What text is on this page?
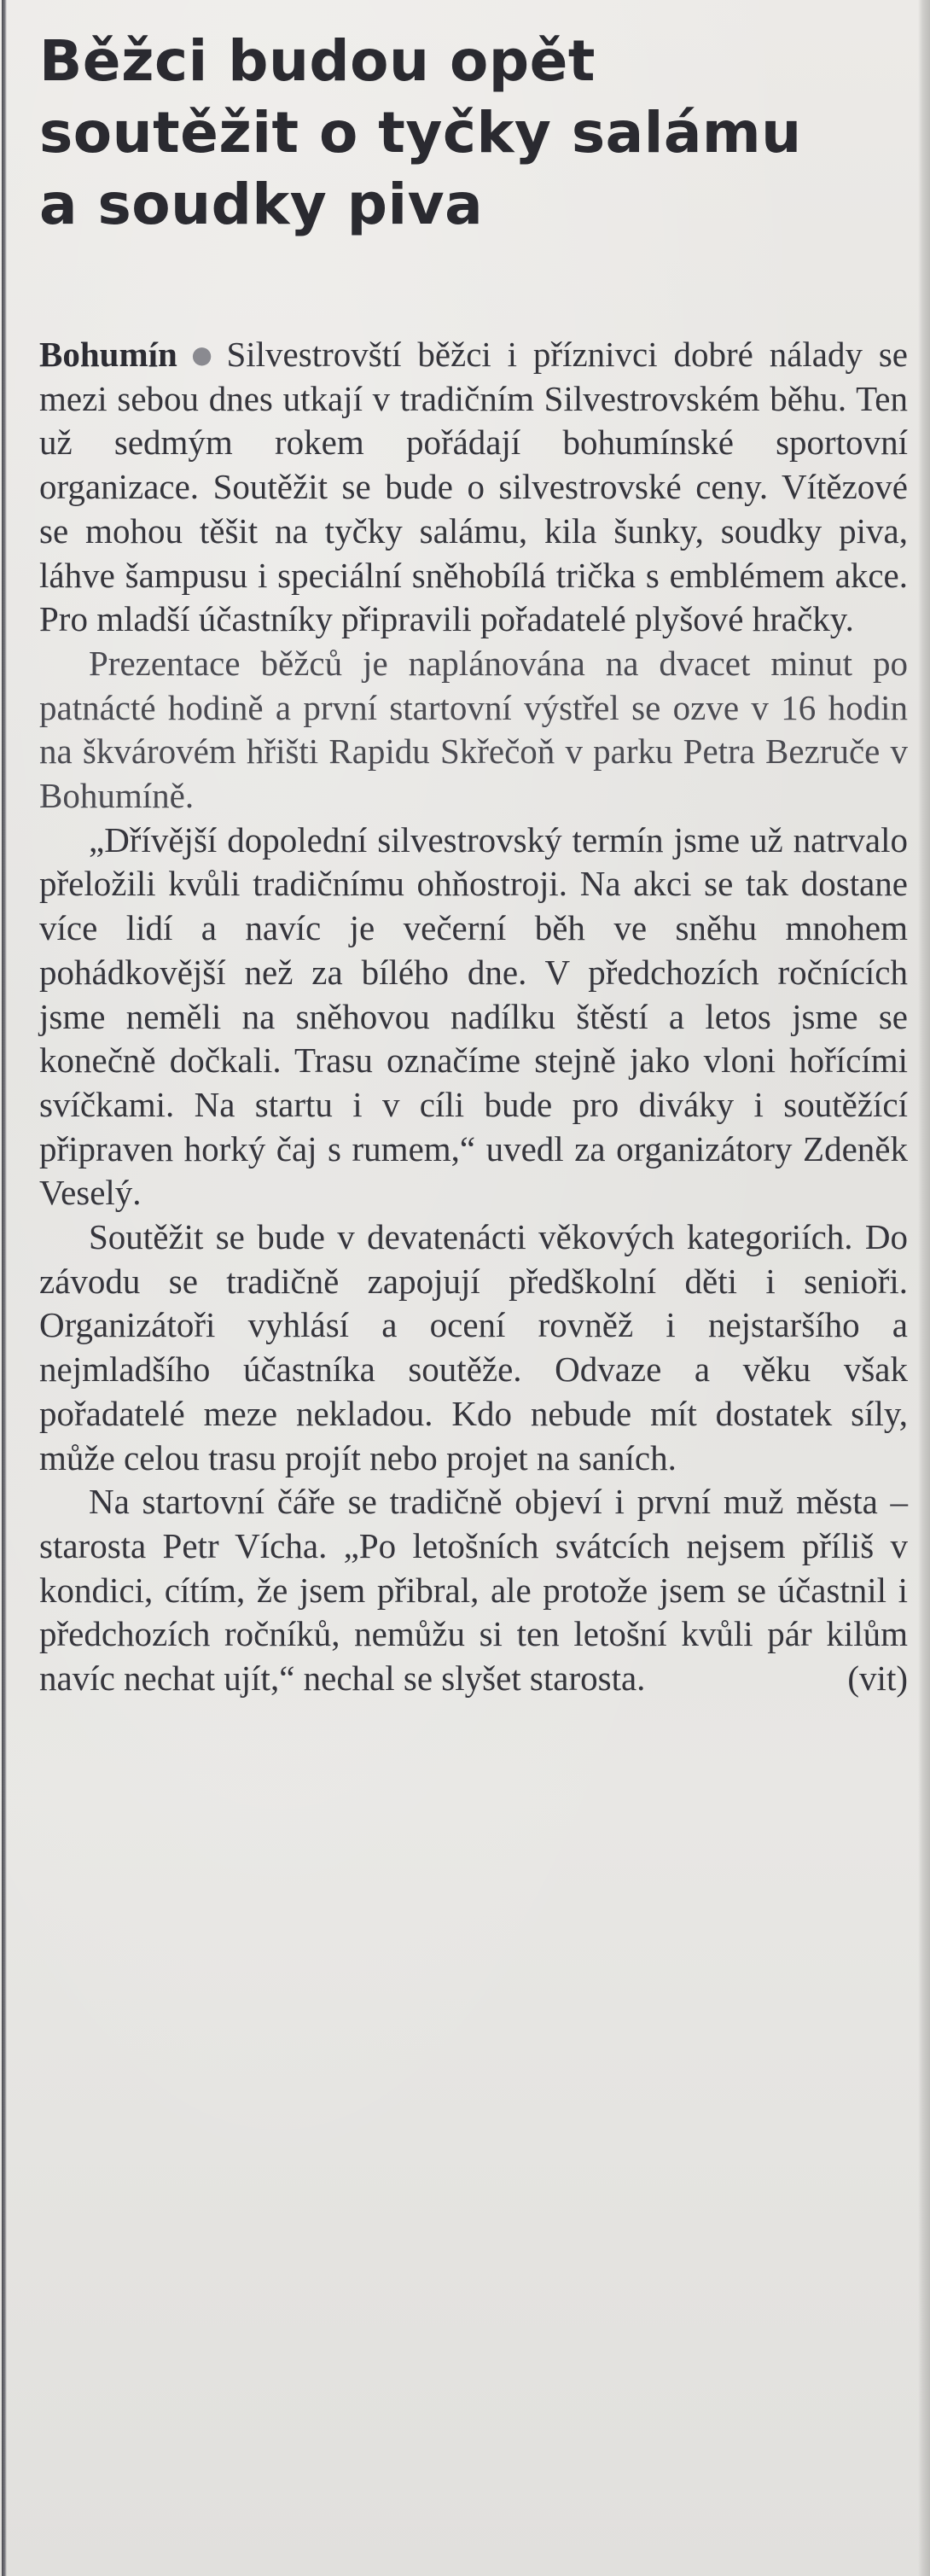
Běžci budou opět
soutěžit o tyčky salámu
a soudky piva

Bohumín ● Silvestrovští běžci i příznivci dobré nálady se mezi sebou dnes utkají v tradičním Silvestrovském běhu. Ten už sedmým rokem pořádají bohumínské sportovní organizace. Soutěžit se bude o silvestrovské ceny. Vítězové se mohou těšit na tyčky salámu, kila šunky, soudky piva, láhve šampusu i speciální sněhobílá trička s emblémem akce. Pro mladší účastníky připravili pořadatelé plyšové hračky.

Prezentace běžců je naplánována na dvacet minut po patnácté hodině a první startovní výstřel se ozve v 16 hodin na škvárovém hřišti Rapidu Skřečoň v parku Petra Bezruče v Bohumíně.

„Dřívější dopolední silvestrovský termín jsme už natrvalo přeložili kvůli tradičnímu ohňostroji. Na akci se tak dostane více lidí a navíc je večerní běh ve sněhu mnohem pohádkovější než za bílého dne. V předchozích ročnících jsme neměli na sněhovou nadílku štěstí a letos jsme se konečně dočkali. Trasu označíme stejně jako vloni hořícími svíčkami. Na startu i v cíli bude pro diváky i soutěžící připraven horký čaj s rumem,“ uvedl za organizátory Zdeněk Veselý.

Soutěžit se bude v devatenácti věkových kategoriích. Do závodu se tradičně zapojují předškolní děti i senioři. Organizátoři vyhlásí a ocení rovněž i nejstaršího a nejmladšího účastníka soutěže. Odvaze a věku však pořadatelé meze nekladou. Kdo nebude mít dostatek síly, může celou trasu projít nebo projet na saních.

Na startovní čáře se tradičně objeví i první muž města – starosta Petr Vícha. „Po letošních svátcích nejsem příliš v kondici, cítím, že jsem přibral, ale protože jsem se účastnil i předchozích ročníků, nemůžu si ten letošní kvůli pár kilům navíc nechat ujít,“ nechal se slyšet starosta.	(vit)
